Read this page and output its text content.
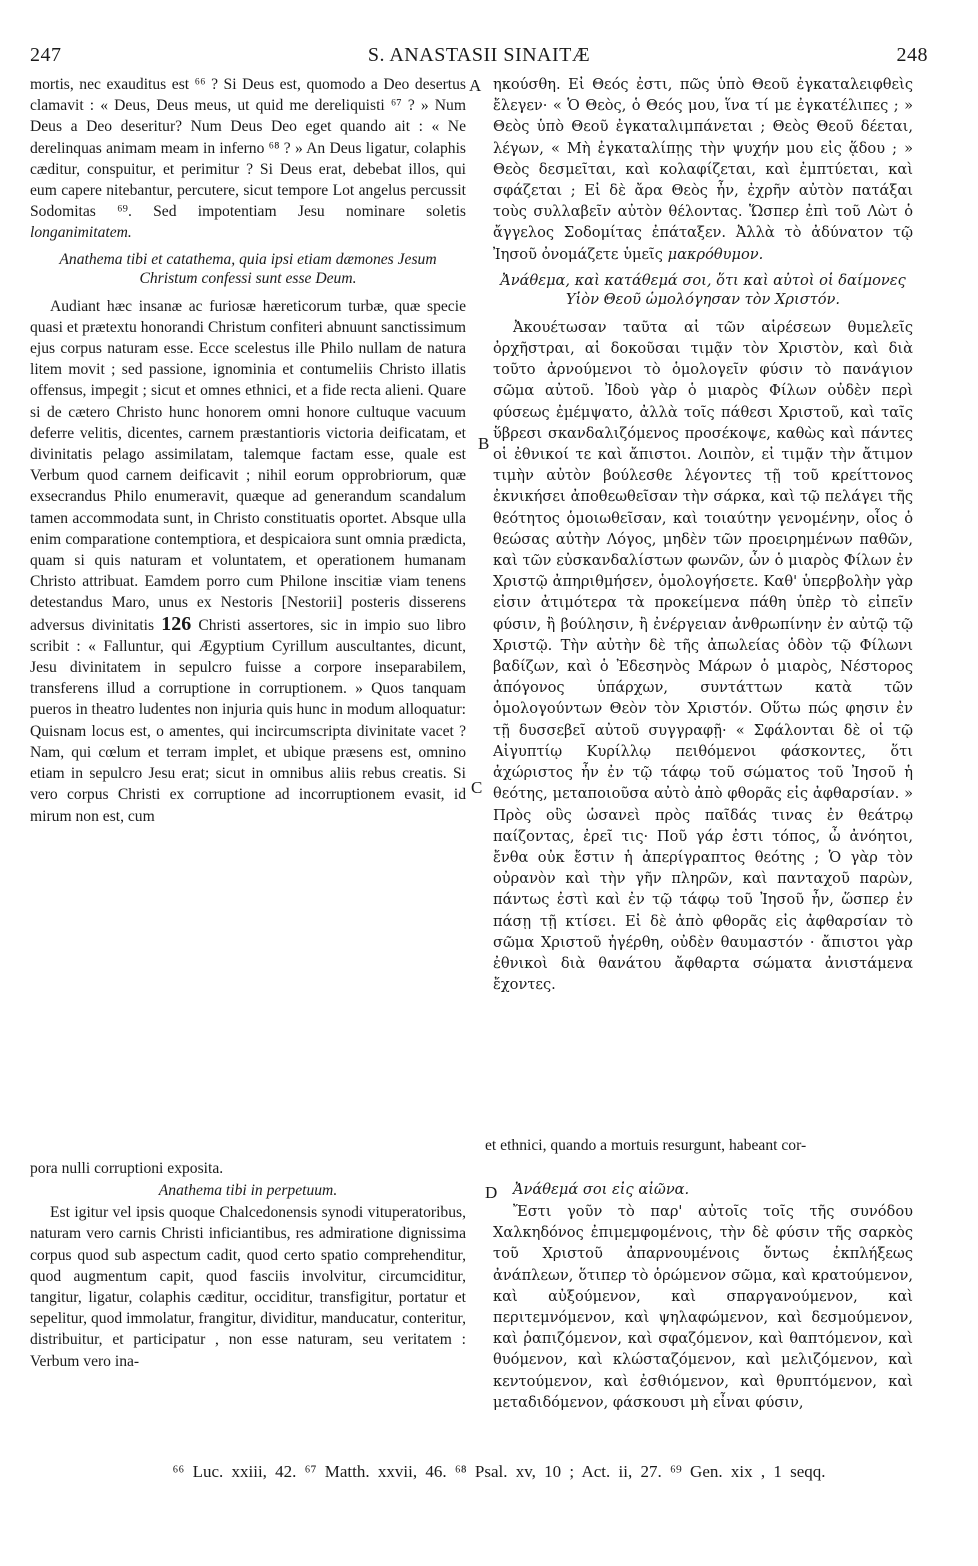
247	S. ANASTASII SINAITÆ	248

mortis, nec exauditus est ⁶⁶ ? Si Deus est, quomodo a Deo desertus clamavit : « Deus, Deus meus, ut quid me dereliquisti ⁶⁷ ? » Num Deus a Deo deseritur? Num Deus Deo eget quando ait : « Ne derelinquas animam meam in inferno ⁶⁸ ? » An Deus ligatur, colaphis cæditur, conspuitur, et perimitur ? Si Deus erat, debebat illos, qui eum capere nitebantur, percutere, sicut tempore Lot angelus percussit Sodomitas ⁶⁹. Sed impotentiam Jesu nominare soletis longanimitatem.

Anathema tibi et catathema, quia ipsi etiam dæmones Jesum Christum confessi sunt esse Deum.

Audiant hæc insanæ ac furiosæ hæreticorum turbæ, quæ specie quasi et prætextu honorandi Christum confiteri abnuunt sanctissimum ejus corpus naturam esse. Ecce scelestus ille Philo nullam de natura litem movit ; sed passione, ignominia et contumeliis Christo illatis offensus, impegit ; sicut et omnes ethnici, et a fide recta alieni. Quare si de cætero Christo hunc honorem omni honore cultuque vacuum deferre velitis, dicentes, carnem præstantioris victoria deificatam, et divinitatis pelago assimilatam, talemque factam esse, quale est Verbum quod carnem deificavit ; nihil eorum opprobriorum, quæ exsecrandus Philo enumeravit, quæque ad generandum scandalum tamen accommodata sunt, in Christo constituatis oportet. Absque ulla enim comparatione contemptiora, et despicaiora sunt omnia prædicta, quam si quis naturam et voluntatem, et operationem humanam Christo attribuat. Eamdem porro cum Philone inscitiæ viam tenens detestandus Maro, unus ex Nestoris [Nestorii] posteris disserens adversus divinitatis 126 Christi assertores, sic in impio suo libro scribit : « Falluntur, qui Ægyptium Cyrillum auscultantes, dicunt, Jesu divinitatem in sepulcro fuisse a corpore inseparabilem, transferens illud a corruptione in corruptionem. » Quos tanquam pueros in theatro ludentes non injuria quis hunc in modum alloquatur: Quisnam locus est, o amentes, qui incircumscripta divinitate vacet ? Nam, qui cœlum et terram implet, et ubique præsens est, omnino etiam in sepulcro Jesu erat; sicut in omnibus aliis rebus creatis. Si vero corpus Christi ex corruptione ad incorruptionem evasit, id mirum non est, cum

ηκούσθη. Εἰ Θεός ἐστι, πῶς ὑπὸ Θεοῦ ἐγκαταλειφθεὶς ἔλεγεν· « Ὁ Θεὸς, ὁ Θεός μου, ἵνα τί με ἐγκατέλιπες ; » Θεὸς ὑπὸ Θεοῦ ἐγκαταλιμπάνεται ; Θεὸς Θεοῦ δέεται, λέγων, « Μὴ ἐγκαταλίπῃς τὴν ψυχήν μου εἰς ᾅδου ; » Θεὸς δεσμεῖται, καὶ κολαφίζεται, καὶ ἐμπτύεται, καὶ σφάζεται ; Εἰ δὲ ἄρα Θεὸς ἦν, ἐχρῆν αὐτὸν πατάξαι τοὺς συλλαβεῖν αὐτὸν θέλοντας. Ὥσπερ ἐπὶ τοῦ Λὼτ ὁ ἄγγελος Σοδομίτας ἐπάταξεν. Ἀλλὰ τὸ ἀδύνατον τῷ Ἰησοῦ ὀνομάζετε ὑμεῖς μακρόθυμον.

Ἀνάθεμα, καὶ κατάθεμά σοι, ὅτι καὶ αὐτοὶ οἱ δαίμονες Υἱὸν Θεοῦ ὡμολόγησαν τὸν Χριστόν.

Ἀκουέτωσαν ταῦτα αἱ τῶν αἱρέσεων θυμελεῖς ὀρχῆστραι, αἱ δοκοῦσαι τιμᾷν τὸν Χριστὸν, καὶ διὰ τοῦτο ἀρνούμενοι τὸ ὁμολογεῖν φύσιν τὸ πανάγιον σῶμα αὐτοῦ. Ἰδοὺ γὰρ ὁ μιαρὸς Φίλων οὐδὲν περὶ φύσεως ἐμέμψατο, ἀλλὰ τοῖς πάθεσι Χριστοῦ, καὶ ταῖς ὕβρεσι σκανδαλιζόμενος προσέκοψε, καθὼς καὶ πάντες οἱ ἐθνικοί τε καὶ ἄπιστοι. Λοιπὸν, εἰ τιμᾷν τὴν ἄτιμον τιμὴν αὐτὸν βούλεσθε λέγοντες τῇ τοῦ κρείττονος ἐκνικήσει ἀποθεωθεῖσαν τὴν σάρκα, καὶ τῷ πελάγει τῆς θεότητος ὁμοιωθεῖσαν, καὶ τοιαύτην γενομένην, οἷος ὁ θεώσας αὐτὴν Λόγος, μηδὲν τῶν προειρημένων παθῶν, καὶ τῶν εὐσκανδαλίστων φωνῶν, ὧν ὁ μιαρὸς Φίλων ἐν Χριστῷ ἀπηριθμήσεν, ὁμολογήσετε. Καθ' ὑπερβολὴν γὰρ εἰσιν ἀτιμότερα τὰ προκείμενα πάθη ὑπὲρ τὸ εἰπεῖν φύσιν, ἢ βούλησιν, ἢ ἐνέργειαν ἀνθρωπίνην ἐν αὐτῷ τῷ Χριστῷ. Τὴν αὐτὴν δὲ τῆς ἀπωλείας ὁδὸν τῷ Φίλωνι βαδίζων, καὶ ὁ Ἐδεσηνὸς Μάρων ὁ μιαρὸς, Νέστορος ἀπόγονος ὑπάρχων, συντάττων κατὰ τῶν ὁμολογούντων Θεὸν τὸν Χριστόν. Οὕτω πώς φησιν ἐν τῇ δυσσεβεῖ αὐτοῦ συγγραφῇ· « Σφάλονται δὲ οἱ τῷ Αἰγυπτίῳ Κυρίλλῳ πειθόμενοι φάσκοντες, ὅτι ἀχώριστος ἦν ἐν τῷ τάφῳ τοῦ σώματος τοῦ Ἰησοῦ ἡ θεότης, μεταποιοῦσα αὐτὸ ἀπὸ φθορᾶς εἰς ἀφθαρσίαν. » Πρὸς οὓς ὡσανεὶ πρὸς παῖδάς τινας ἐν θεάτρῳ παίζοντας, ἐρεῖ τις· Ποῦ γάρ ἐστι τόπος, ὦ ἀνόητοι, ἔνθα οὐκ ἔστιν ἡ ἀπερίγραπτος θεότης ; Ὁ γὰρ τὸν οὐρανὸν καὶ τὴν γῆν πληρῶν, καὶ πανταχοῦ παρὼν, πάντως ἐστὶ καὶ ἐν τῷ τάφῳ τοῦ Ἰησοῦ ἦν, ὥσπερ ἐν πάσῃ τῇ κτίσει. Εἰ δὲ ἀπὸ φθορᾶς εἰς ἀφθαρσίαν τὸ σῶμα Χριστοῦ ἠγέρθη, οὐδὲν θαυμαστόν · ἄπιστοι γὰρ ἐθνικοὶ διὰ θανάτου ἄφθαρτα σώματα ἀνιστάμενα ἔχοντες.

et ethnici, quando a mortuis resurgunt, habeant cor-

pora nulli corruptioni exposita.

Anathema tibi in perpetuum.

Est igitur vel ipsis quoque Chalcedonensis synodi vituperatoribus, naturam vero carnis Christi inficiantibus, res admiratione dignissima corpus quod sub aspectum cadit, quod certo spatio comprehenditur, quod augmentum capit, quod fasciis involvitur, circumciditur, tangitur, ligatur, colaphis cæditur, occiditur, transfigitur, portatur et sepelitur, quod immolatur, frangitur, dividitur, manducatur, conteritur, distribuitur, et participatur , non esse naturam, seu veritatem : Verbum vero ina-

Ἀνάθεμά σοι εἰς αἰῶνα.

Ἔστι γοῦν τὸ παρ' αὐτοῖς τοῖς τῆς συνόδου Χαλκηδόνος ἐπιμεμφομένοις, τὴν δὲ φύσιν τῆς σαρκὸς τοῦ Χριστοῦ ἀπαρνουμένοις ὄντως ἐκπλήξεως ἀνάπλεων, ὅτιπερ τὸ ὁρώμενον σῶμα, καὶ κρατούμενον, καὶ αὐξούμενον, καὶ σπαργανούμενον, καὶ περιτεμνόμενον, καὶ ψηλαφώμενον, καὶ δεσμούμενον, καὶ ῥαπιζόμενον, καὶ σφαζόμενον, καὶ θαπτόμενον, καὶ θυόμενον, καὶ κλώσταζόμενον, καὶ μελιζόμενον, καὶ κεντούμενον, καὶ ἐσθιόμενον, καὶ θρυπτόμενον, καὶ μεταδιδόμενον, φάσκουσι μὴ εἶναι φύσιν,

A
B
C
D
⁶⁶ Luc. xxiii, 42. ⁶⁷ Matth. xxvii, 46. ⁶⁸ Psal. xv, 10 ; Act. ii, 27. ⁶⁹ Gen. xix , 1 seqq.
